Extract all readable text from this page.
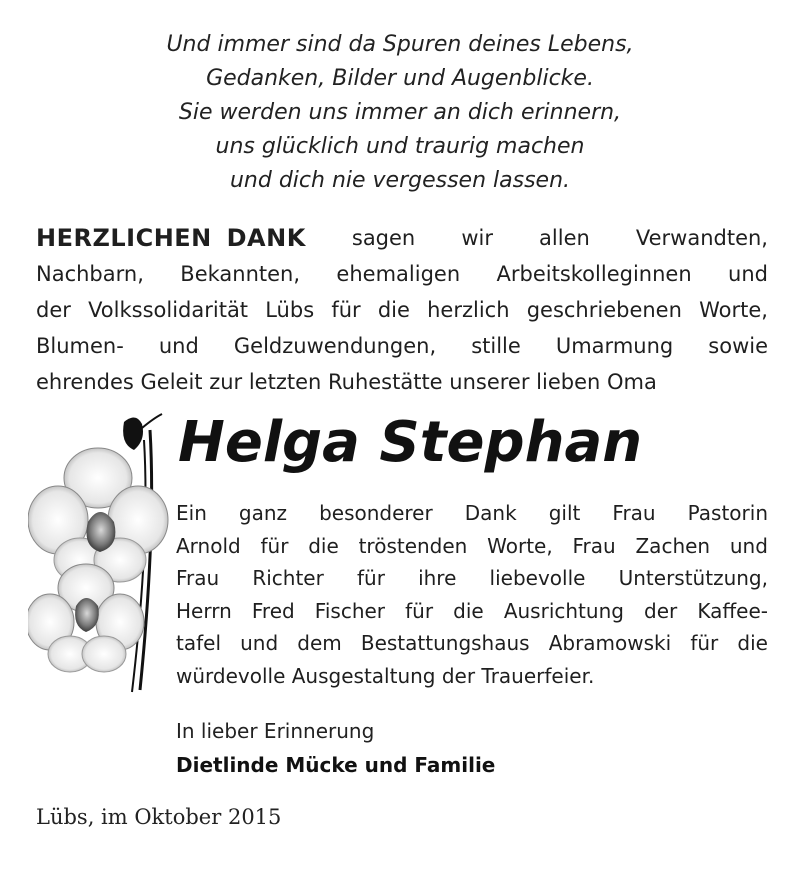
Und immer sind da Spuren deines Lebens,
Gedanken, Bilder und Augenblicke.
Sie werden uns immer an dich erinnern,
uns glücklich und traurig machen
und dich nie vergessen lassen.
HERZLICHEN DANK sagen wir allen Verwandten,
Nachbarn, Bekannten, ehemaligen Arbeitskolleginnen und
der Volkssolidarität Lübs für die herzlich geschriebenen Worte,
Blumen- und Geldzuwendungen, stille Umarmung sowie
ehrendes Geleit zur letzten Ruhestätte unserer lieben Oma
Helga Stephan
Ein ganz besonderer Dank gilt Frau Pastorin
Arnold für die tröstenden Worte, Frau Zachen und
Frau Richter für ihre liebevolle Unterstützung,
Herrn Fred Fischer für die Ausrichtung der Kaffee-
tafel und dem Bestattungshaus Abramowski für die
würdevolle Ausgestaltung der Trauerfeier.
In lieber Erinnerung
Dietlinde Mücke und Familie
Lübs, im Oktober 2015
